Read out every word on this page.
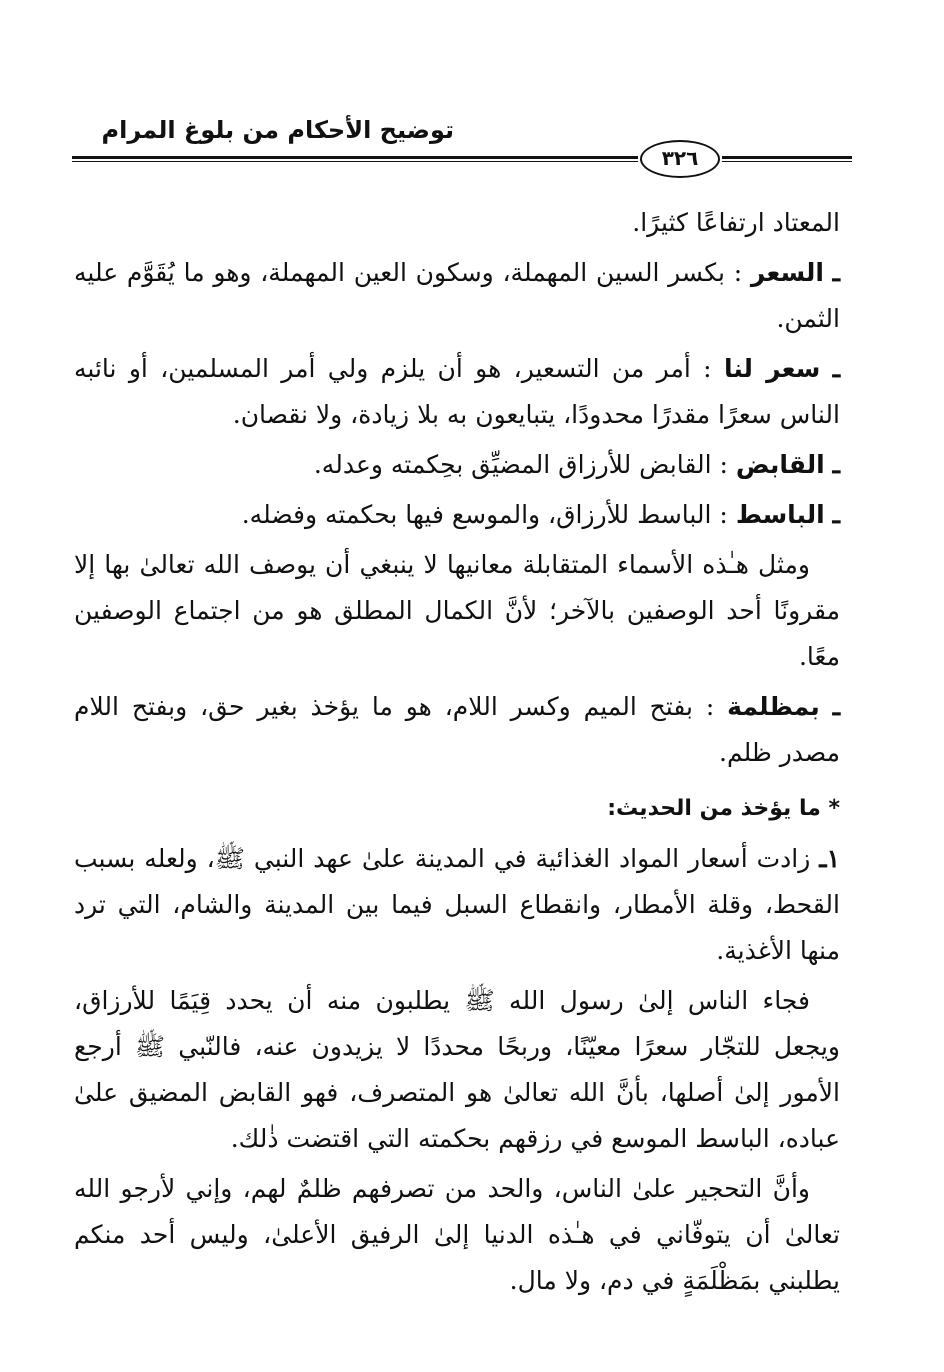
توضيح الأحكام من بلوغ المرام
٣٢٦

المعتاد ارتفاعًا كثيرًا.

ـ السعر : بكسر السين المهملة، وسكون العين المهملة، وهو ما يُقَوَّم عليه الثمن.

ـ سعر لنا : أمر من التسعير، هو أن يلزم ولي أمر المسلمين، أو نائبه الناس سعرًا مقدرًا محدودًا، يتبايعون به بلا زيادة، ولا نقصان.

ـ القابض : القابض للأرزاق المضيِّق بحِكمته وعدله.

ـ الباسط : الباسط للأرزاق، والموسع فيها بحكمته وفضله.

ومثل هـٰذه الأسماء المتقابلة معانيها لا ينبغي أن يوصف الله تعالىٰ بها إلا مقرونًا أحد الوصفين بالآخر؛ لأنَّ الكمال المطلق هو من اجتماع الوصفين معًا.

ـ بمظلمة : بفتح الميم وكسر اللام، هو ما يؤخذ بغير حق، وبفتح اللام مصدر ظلم.

* ما يؤخذ من الحديث:

١ـ زادت أسعار المواد الغذائية في المدينة علىٰ عهد النبي ﷺ، ولعله بسبب القحط، وقلة الأمطار، وانقطاع السبل فيما بين المدينة والشام، التي ترد منها الأغذية.

فجاء الناس إلىٰ رسول الله ﷺ يطلبون منه أن يحدد قِيَمًا للأرزاق، ويجعل للتجّار سعرًا معيّنًا، وربحًا محددًا لا يزيدون عنه، فالنّبي ﷺ أرجع الأمور إلىٰ أصلها، بأنَّ الله تعالىٰ هو المتصرف، فهو القابض المضيق علىٰ عباده، الباسط الموسع في رزقهم بحكمته التي اقتضت ذٰلك.

وأنَّ التحجير علىٰ الناس، والحد من تصرفهم ظلمٌ لهم، وإني لأرجو الله تعالىٰ أن يتوفّاني في هـٰذه الدنيا إلىٰ الرفيق الأعلىٰ، وليس أحد منكم يطلبني بمَظْلَمَةٍ في دم، ولا مال.
